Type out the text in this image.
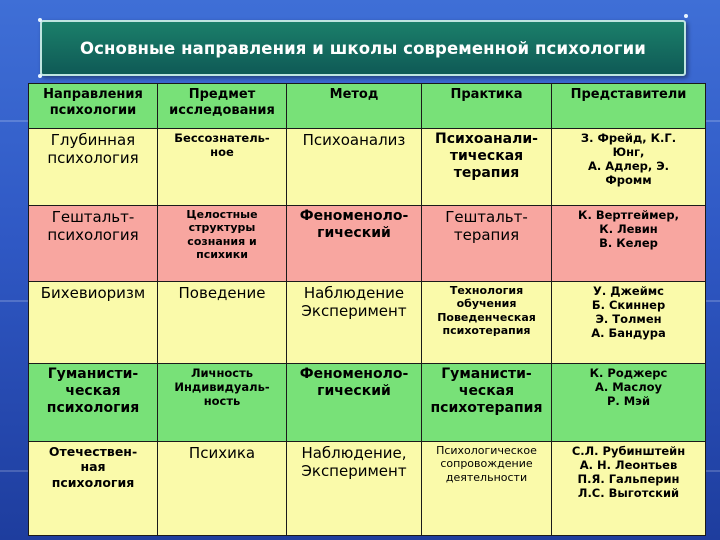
Основные направления и школы современной психологии
Направления
психологии	Предмет
исследования	Метод	Практика	Представители

Глубинная
психология	Бессознатель-
ное	Психоанализ	Психоанали-
тическая
терапия	З. Фрейд, К.Г.
Юнг,
А. Адлер, Э.
Фромм

Гештальт-
психология	Целостные
структуры
сознания и
психики	Феноменоло-
гический	Гештальт-
терапия	К. Вертгеймер,
К. Левин
В. Келер

Бихевиоризм	Поведение	Наблюдение
Эксперимент	Технология
обучения
Поведенческая
психотерапия	У. Джеймс
Б. Скиннер
Э. Толмен
А. Бандура

Гуманисти-
ческая
психология	Личность
Индивидуаль-
ность	Феноменоло-
гический	Гуманисти-
ческая
психотерапия	К. Роджерс
А. Маслоу
Р. Мэй

Отечествен-
ная
психология	Психика	Наблюдение,
Эксперимент	Психологическое
сопровождение
деятельности	С.Л. Рубинштейн
А. Н. Леонтьев
П.Я. Гальперин
Л.С. Выготский
